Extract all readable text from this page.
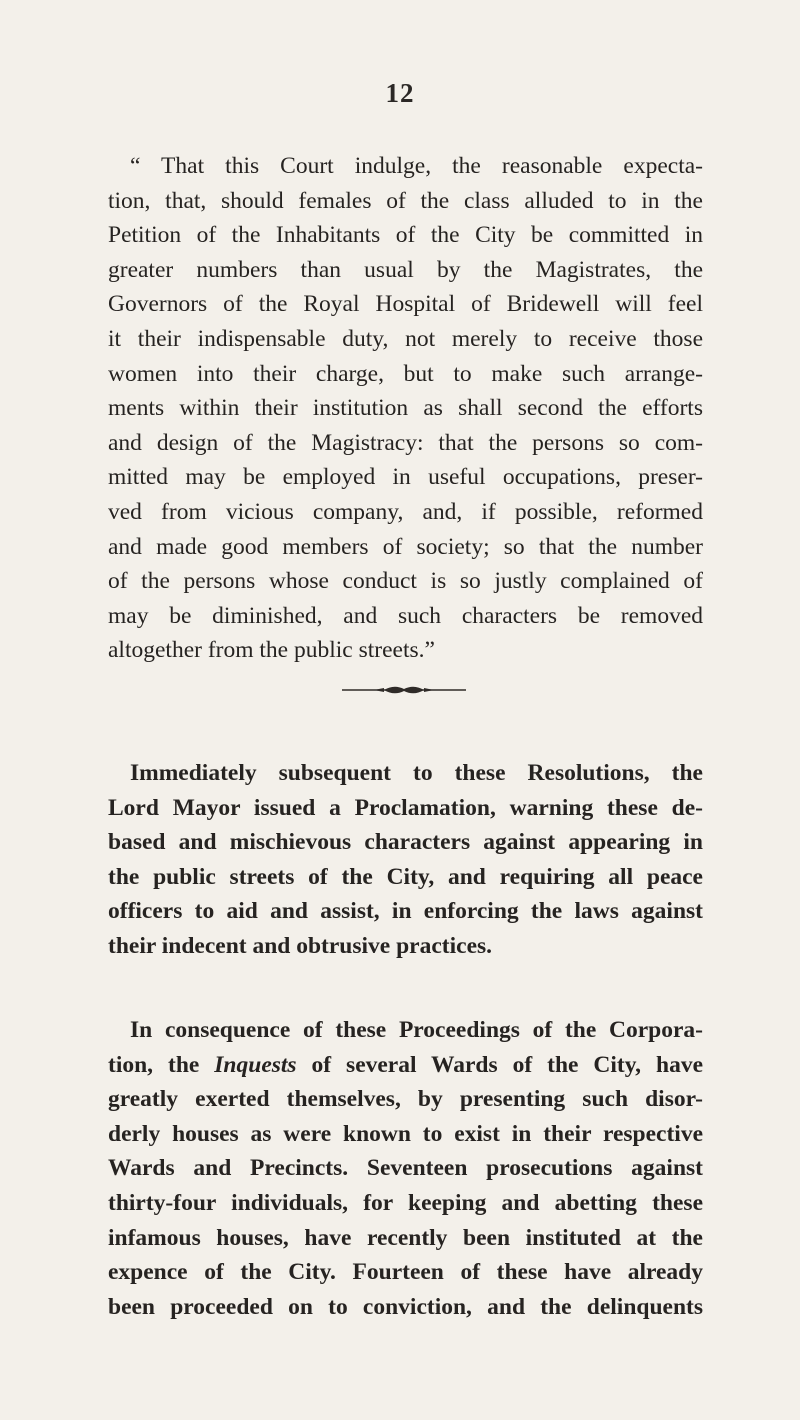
12
“ That this Court indulge, the reasonable expecta-
tion, that, should females of the class alluded to in the
Petition of the Inhabitants of the City be committed in
greater numbers than usual by the Magistrates, the
Governors of the Royal Hospital of Bridewell will feel
it their indispensable duty, not merely to receive those
women into their charge, but to make such arrange-
ments within their institution as shall second the efforts
and design of the Magistracy: that the persons so com-
mitted may be employed in useful occupations, preser-
ved from vicious company, and, if possible, reformed
and made good members of society; so that the number
of the persons whose conduct is so justly complained of
may be diminished, and such characters be removed
altogether from the public streets.”
Immediately subsequent to these Resolutions, the
Lord Mayor issued a Proclamation, warning these de-
based and mischievous characters against appearing in
the public streets of the City, and requiring all peace
officers to aid and assist, in enforcing the laws against
their indecent and obtrusive practices.
In consequence of these Proceedings of the Corpora-
tion, the Inquests of several Wards of the City, have
greatly exerted themselves, by presenting such disor-
derly houses as were known to exist in their respective
Wards and Precincts. Seventeen prosecutions against
thirty-four individuals, for keeping and abetting these
infamous houses, have recently been instituted at the
expence of the City. Fourteen of these have already
been proceeded on to conviction, and the delinquents
